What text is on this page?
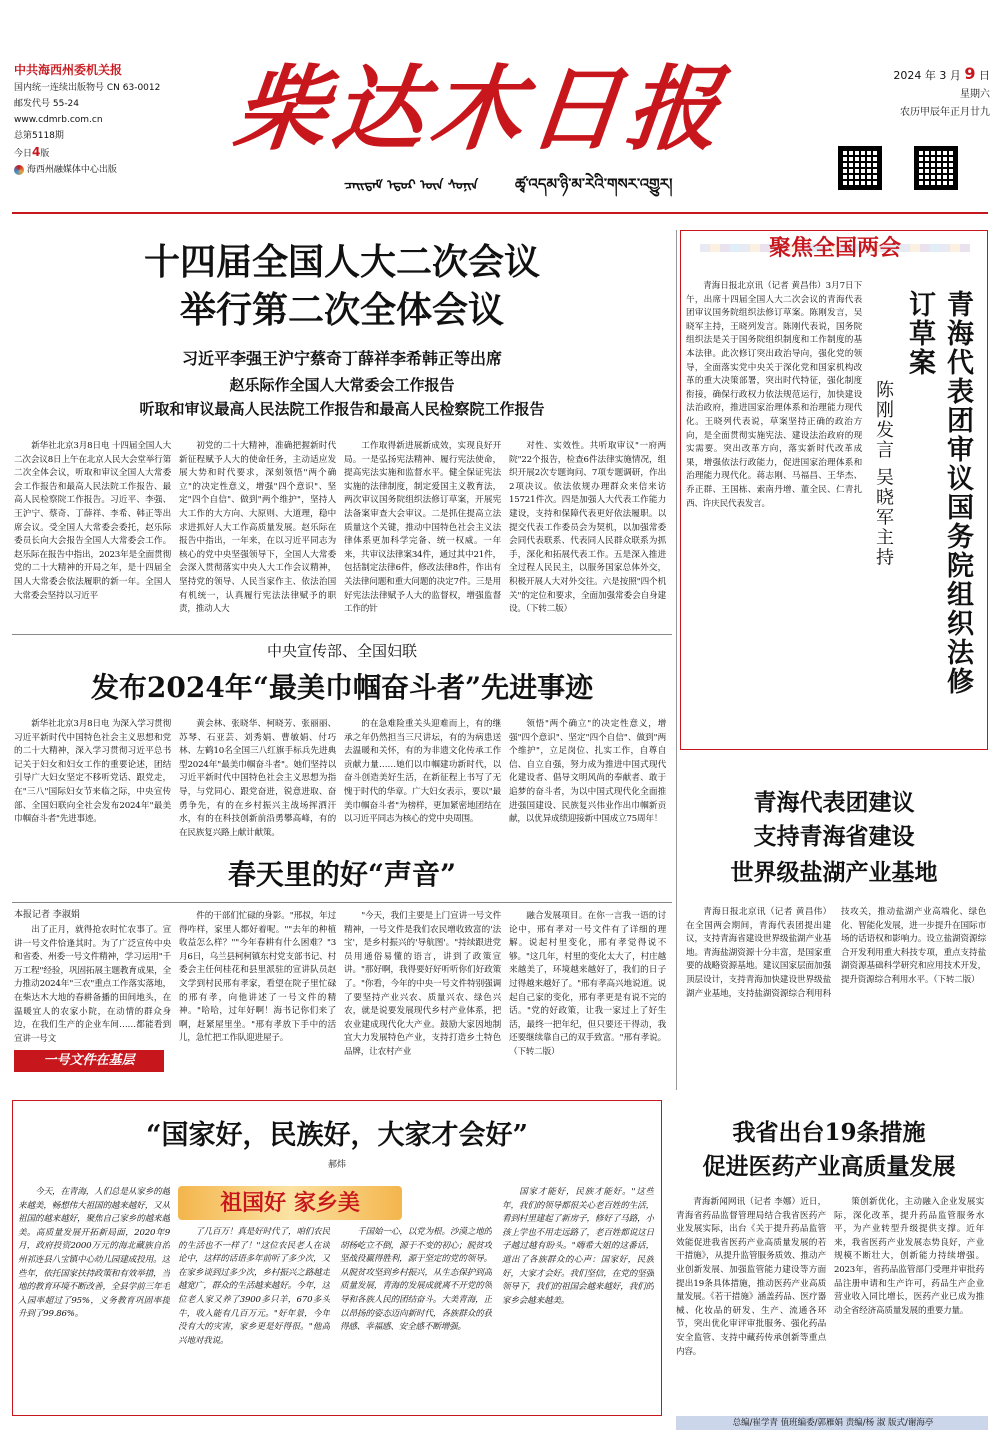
中共海西州委机关报
国内统一连续出版物号 CN 63-0012
邮发代号 55-24
www.cdmrb.com.cn
总第5118期
今日4版
海西州融媒体中心出版
柴达木日报
ᠴᠠᠢᠳᠠᠮ ᠡᠳᠦᠷ ᠦᠨ ᠰᠣᠨᠢᠨ	ཚྭ་འདམ་ཉི་མ་རེའི་གསར་འགྱུར།
2024 年 3 月 9 日
星期六
农历甲辰年正月廿九
十四届全国人大二次会议
举行第二次全体会议
习近平李强王沪宁蔡奇丁薛祥李希韩正等出席
赵乐际作全国人大常委会工作报告
听取和审议最高人民法院工作报告和最高人民检察院工作报告

新华社北京3月8日电 十四届全国人大二次会议8日上午在北京人民大会堂举行第二次全体会议，听取和审议全国人大常委会工作报告和最高人民法院工作报告、最高人民检察院工作报告。习近平、李强、王沪宁、蔡奇、丁薛祥、李希、韩正等出席会议。受全国人大常委会委托，赵乐际委员长向大会报告全国人大常委会工作。赵乐际在报告中指出，2023年是全面贯彻党的二十大精神的开局之年，是十四届全国人大常委会依法履职的新一年。全国人大常委会坚持以习近平

初党的二十大精神，准确把握新时代新征程赋予人大的使命任务，主动适应发展大势和时代要求，深刻领悟"两个确立"的决定性意义，增强"四个意识"、坚定"四个自信"、做到"两个维护"，坚持人大工作的大方向、大原则、大道理，稳中求进抓好人大工作高质量发展。赵乐际在报告中指出，一年来，在以习近平同志为核心的党中央坚强领导下，全国人大常委会深入贯彻落实中央人大工作会议精神，坚持党的领导、人民当家作主、依法治国有机统一，认真履行宪法法律赋予的职责，推动人大

工作取得新进展新成效，实现良好开局。一是弘扬宪法精神、履行宪法使命，提高宪法实施和监督水平。健全保证宪法实施的法律制度，制定爱国主义教育法，两次审议国务院组织法修订草案，开展宪法备案审查大会审议。二是抓住提高立法质量这个关键，推动中国特色社会主义法律体系更加科学完备、统一权威。一年来，共审议法律案34件，通过其中21件，包括制定法律6件，修改法律8件，作出有关法律问题和重大问题的决定7件。三是用好宪法法律赋予人大的监督权，增强监督工作的针

对性、实效性。共听取审议"一府两院"22个报告，检查6件法律实施情况，组织开展2次专题询问、7项专题调研，作出2项决议。依法依规办理群众来信来访15721件次。四是加强人大代表工作能力建设，支持和保障代表更好依法履职。以提交代表工作委员会为契机，以加强常委会同代表联系、代表同人民群众联系为抓手，深化和拓展代表工作。五是深入推进全过程人民民主，以服务国家总体外交，积极开展人大对外交往。六是按照"四个机关"的定位和要求，全面加强常委会自身建设。（下转二版）

聚焦全国两会
青海代表团审议国务院组织法修订草案
陈刚发言 吴晓军主持

青海日报北京讯（记者 黄昌伟）3月7日下午，出席十四届全国人大二次会议的青海代表团审议国务院组织法修订草案。陈刚发言，吴晓军主持，王晓列发言。陈刚代表说，国务院组织法是关于国务院组织制度和工作制度的基本法律。此次修订突出政治导向，强化党的领导，全面落实党中央关于深化党和国家机构改革的重大决策部署，突出时代特征，强化制度衔接，确保行政权力依法规范运行，加快建设法治政府，推进国家治理体系和治理能力现代化。王晓列代表说，草案坚持正确的政治方向，是全面贯彻实施宪法、建设法治政府的现实需要。突出改革方向，落实新时代改革成果，增强依法行政能力，促进国家治理体系和治理能力现代化。蒋志刚、马福昌、王华杰、乔正群、王国栋、索南丹增、董全民、仁青扎西、许庆民代表发言。

青海代表团建议
支持青海省建设
世界级盐湖产业基地

青海日报北京讯（记者 黄昌伟）在全国两会期间，青海代表团提出建议，支持青海省建设世界级盐湖产业基地。青海盐湖资源十分丰富，是国家重要的战略资源基地。建议国家层面加强顶层设计，支持青海加快建设世界级盐湖产业基地，支持盐湖资源综合利用科技攻关，推动盐湖产业高端化、绿色化、智能化发展，进一步提升在国际市场的话语权和影响力。设立盐湖资源综合开发利用重大科技专项，重点支持盐湖资源基础科学研究和应用技术开发，提升资源综合利用水平。（下转二版）

中央宣传部、全国妇联
发布2024年“最美巾帼奋斗者”先进事迹

新华社北京3月8日电 为深入学习贯彻习近平新时代中国特色社会主义思想和党的二十大精神，深入学习贯彻习近平总书记关于妇女和妇女工作的重要论述，团结引导广大妇女坚定不移听党话、跟党走，在"三八"国际妇女节来临之际，中央宣传部、全国妇联向全社会发布2024年"最美巾帼奋斗者"先进事迹。

黄会林、张晓华、柯晓芳、张丽丽、苏琴、石亚芸、刘秀娟、曹敏娟、付巧林、左鹤10名全国三八红旗手标兵先进典型2024年"最美巾帼奋斗者"。她们坚持以习近平新时代中国特色社会主义思想为指导，与党同心、跟党奋进，锐意进取、奋勇争先，有的在乡村振兴主战场挥洒汗水，有的在科技创新前沿勇攀高峰，有的在民族复兴路上献计献策。

的在急难险重关头迎难而上，有的继承之年仍然担当三尺讲坛，有的为病患送去温暖和关怀，有的为非遗文化传承工作贡献力量……她们以巾帼建功新时代，以奋斗创造美好生活，在新征程上书写了无愧于时代的华章。广大妇女表示，要以"最美巾帼奋斗者"为榜样，更加紧密地团结在以习近平同志为核心的党中央周围。

领悟"两个确立"的决定性意义，增强"四个意识"、坚定"四个自信"、做到"两个维护"，立足岗位、扎实工作，自尊自信、自立自强，努力成为推进中国式现代化建设者、倡导文明风尚的奉献者、敢于追梦的奋斗者，为以中国式现代化全面推进强国建设、民族复兴伟业作出巾帼新贡献，以优异成绩迎接新中国成立75周年！

春天里的好“声音”
本报记者 李淑娟

出了正月，就得抢农时忙农事了。宣讲一号文件恰逢其时。为了广泛宣传中央和省委、州委一号文件精神，学习运用"千万工程"经验，巩固拓展主题教育成果，全力推动2024年"三农"重点工作落实落地，在柴达木大地的春耕备播的田间地头，在温暖宜人的农家小院，在动情的群众身边，在我们生产的企业车间……都能看到宣讲一号文

件的干部们忙碌的身影。"邢叔，年过得咋样，家里人都好着呢。""去年的种植收益怎么样？""今年春耕有什么困难？"3月6日，乌兰县柯柯镇东村党支部书记、村委会主任何桂花和县里派驻的宣讲队员赵文学到村民邢有孝家，看望在院子里忙碌的邢有孝，向他讲述了一号文件的精神。"哈哈，过年好啊！海书记你们来了啊，赶紧屋里坐。"邢有孝放下手中的活儿，急忙把工作队迎进屋子。

"今天，我们主要是上门宣讲一号文件精神，一号文件是我们农民增收致富的'法宝'，是乡村振兴的'导航图'。"持续跟进党员用通俗易懂的语言，讲到了政策宣讲。"那好啊，我得要好好听听你们好政策了。"你看，今年的中央一号文件特别强调了要坚持产业兴农、质量兴农、绿色兴农，就是说要发展现代乡村产业体系，把农业建成现代化大产业。鼓励大家因地制宜大力发展特色产业，支持打造乡土特色品牌，让农村产业

融合发展项目。在你一言我一语的讨论中，邢有孝对一号文件有了详细的理解。说起村里变化，邢有孝觉得说不够。"这几年，村里的变化太大了，村庄越来越美了，环境越来越好了，我们的日子过得越来越好了。"邢有孝高兴地说道。说起自己家的变化，邢有孝更是有说不完的话。"党的好政策，让我一家过上了好生活，最终一把年纪，但只要还干得动，我还要继续靠自己的双手致富。"邢有孝说。（下转二版）

一号文件在基层
“国家好，民族好，大家才会好”
郝炜
祖国好 家乡美

今天，在青海，人们总是从家乡的越来越美，畅想伟大祖国的越来越好，又从祖国的越来越好，聚焦自己家乡的越来越美。高质量发展开拓新局面，2020年9月，政府投资2000万元的海北藏族自治州祁连县八宝镇中心幼儿园建成投用。这些年，依托国家扶持政策和有效举措，当地的教育环境不断改善，全县学前三年毛入园率超过了95%，义务教育巩固率提升到了99.86%。

了几百万！真是好时代了，咱们农民的生活也不一样了！"这位农民老人在谈论中，这样的话语多年前听了多少次，又在家乡谈到过多少次，乡村振兴之路越走越宽广，群众的生活越来越好。今年，这位老人家又养了3900多只羊，670多头牛，收入能有几百万元。"好年景，今年没有大的灾害，家乡更是好得很。"他高兴地对我说。

千国始一心，以党为根。沙漠之地的胡杨屹立不倒，源于不变的初心；脱贫攻坚战役赢得胜利，源于坚定的党的领导。从脱贫攻坚到乡村振兴，从生态保护到高质量发展，青海的发展成就离不开党的领导和各族人民的团结奋斗。大美青海，正以昂扬的姿态迈向新时代，各族群众的获得感、幸福感、安全感不断增强。

国家才能好，民族才能好。"这些年，我们的领导都很关心老百姓的生活，看到村里建起了新房子，修好了马路，小孩上学也不用走远路了，老百姓都说这日子越过越有盼头。"嗨希大姐的这番话，道出了各族群众的心声：国家好，民族好，大家才会好。我们坚信，在党的坚强领导下，我们的祖国会越来越好，我们的家乡会越来越美。

我省出台19条措施
促进医药产业高质量发展

青海新闻网讯（记者 李娜）近日，青海省药品监督管理局结合我省医药产业发展实际，出台《关于提升药品监管效能促进我省医药产业高质量发展的若干措施》，从提升监管服务质效、推动产业创新发展、加强监管能力建设等方面提出19条具体措施，推动医药产业高质量发展。《若干措施》涵盖药品、医疗器械、化妆品的研发、生产、流通各环节，突出优化审评审批服务、强化药品安全监管、支持中藏药传承创新等重点内容。

策创新优化，主动融入企业发展实际，深化改革，提升药品监管服务水平，为产业转型升级提供支撑。近年来，我省医药产业发展态势良好，产业规模不断壮大，创新能力持续增强。2023年，省药品监管部门受理并审批药品注册申请和生产许可，药品生产企业营业收入同比增长，医药产业已成为推动全省经济高质量发展的重要力量。

总编/崔学青 值班编委/郭雁娟 责编/杨 淑 版式/谢海亭
